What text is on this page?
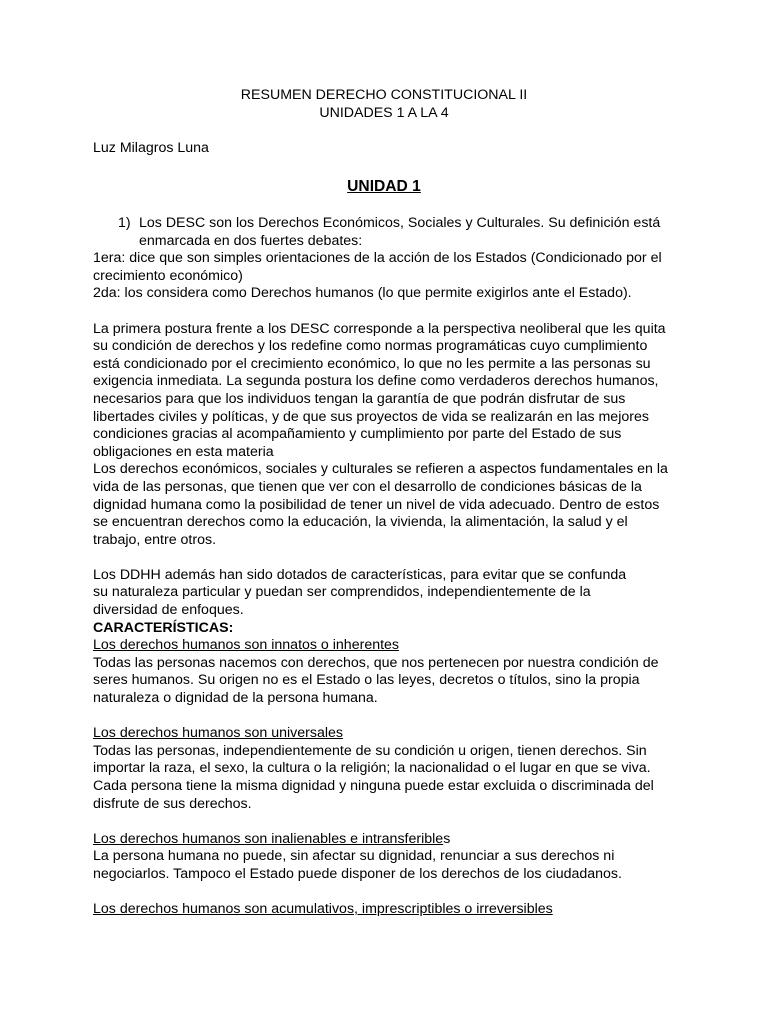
RESUMEN DERECHO CONSTITUCIONAL II
UNIDADES 1 A LA 4
Luz Milagros Luna
UNIDAD 1
1) Los DESC son los Derechos Económicos, Sociales y Culturales. Su definición está
enmarcada en dos fuertes debates:
1era: dice que son simples orientaciones de la acción de los Estados (Condicionado por el
crecimiento económico)
2da: los considera como Derechos humanos (lo que permite exigirlos ante el Estado).
La primera postura frente a los DESC corresponde a la perspectiva neoliberal que les quita
su condición de derechos y los redefine como normas programáticas cuyo cumplimiento
está condicionado por el crecimiento económico, lo que no les permite a las personas su
exigencia inmediata. La segunda postura los define como verdaderos derechos humanos,
necesarios para que los individuos tengan la garantía de que podrán disfrutar de sus
libertades civiles y políticas, y de que sus proyectos de vida se realizarán en las mejores
condiciones gracias al acompañamiento y cumplimiento por parte del Estado de sus
obligaciones en esta materia
Los derechos económicos, sociales y culturales se refieren a aspectos fundamentales en la
vida de las personas, que tienen que ver con el desarrollo de condiciones básicas de la
dignidad humana como la posibilidad de tener un nivel de vida adecuado. Dentro de estos
se encuentran derechos como la educación, la vivienda, la alimentación, la salud y el
trabajo, entre otros.
Los DDHH además han sido dotados de características, para evitar que se confunda
su naturaleza particular y puedan ser comprendidos, independientemente de la
diversidad de enfoques.
CARACTERÍSTICAS:
Los derechos humanos son innatos o inherentes
Todas las personas nacemos con derechos, que nos pertenecen por nuestra condición de
seres humanos. Su origen no es el Estado o las leyes, decretos o títulos, sino la propia
naturaleza o dignidad de la persona humana.
Los derechos humanos son universales
Todas las personas, independientemente de su condición u origen, tienen derechos. Sin
importar la raza, el sexo, la cultura o la religión; la nacionalidad o el lugar en que se viva.
Cada persona tiene la misma dignidad y ninguna puede estar excluida o discriminada del
disfrute de sus derechos.
Los derechos humanos son inalienables e intransferibles
La persona humana no puede, sin afectar su dignidad, renunciar a sus derechos ni
negociarlos. Tampoco el Estado puede disponer de los derechos de los ciudadanos.
Los derechos humanos son acumulativos, imprescriptibles o irreversibles
